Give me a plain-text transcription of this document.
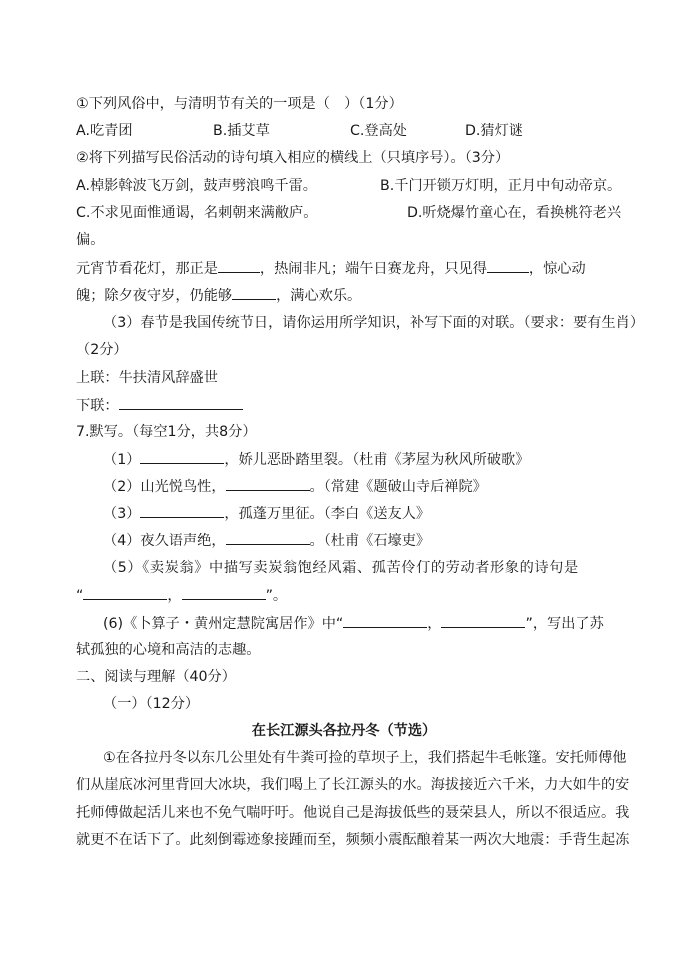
①下列风俗中，与清明节有关的一项是（　）（1分）
A.吃青团	B.插艾草	C.登高处	D.猜灯谜
②将下列描写民俗活动的诗句填入相应的横线上（只填序号）。（3分）
A.棹影斡波飞万剑，鼓声劈浪鸣千雷。	B.千门开锁万灯明，正月中旬动帝京。
C.不求见面惟通谒，名刺朝来满敝庐。	D.听烧爆竹童心在，看换桃符老兴
偏。
元宵节看花灯，那正是	，热闹非凡；端午日赛龙舟，只见得	，惊心动
魄；除夕夜守岁，仍能够	，满心欢乐。
（3）春节是我国传统节日，请你运用所学知识，补写下面的对联。（要求：要有生肖）
（2分）
上联：牛扶清风辞盛世
下联：
7.默写。（每空1分，共8分）
（1）	，娇儿恶卧踏里裂。（杜甫《茅屋为秋风所破歌》
（2）山光悦鸟性，	。（常建《题破山寺后禅院》
（3）	，孤蓬万里征。（李白《送友人》
（4）夜久语声绝，	。（杜甫《石壕吏》
（5）《卖炭翁》中描写卖炭翁饱经风霜、孤苦伶仃的劳动者形象的诗句是
“	，	”。
(6)《卜算子・黄州定慧院寓居作》中“	，	”，写出了苏
轼孤独的心境和高洁的志趣。
二、阅读与理解（40分）
（一）（12分）
在长江源头各拉丹冬（节选）
①在各拉丹冬以东几公里处有牛粪可捡的草坝子上，我们搭起牛毛帐篷。安托师傅他
们从崖底冰河里背回大冰块，我们喝上了长江源头的水。海拔接近六千米，力大如牛的安
托师傅做起活儿来也不免气喘吁吁。他说自己是海拔低些的聂荣县人，所以不很适应。我
就更不在话下了。此刻倒霉迹象接踵而至，频频小震酝酿着某一两次大地震：手背生起冻
